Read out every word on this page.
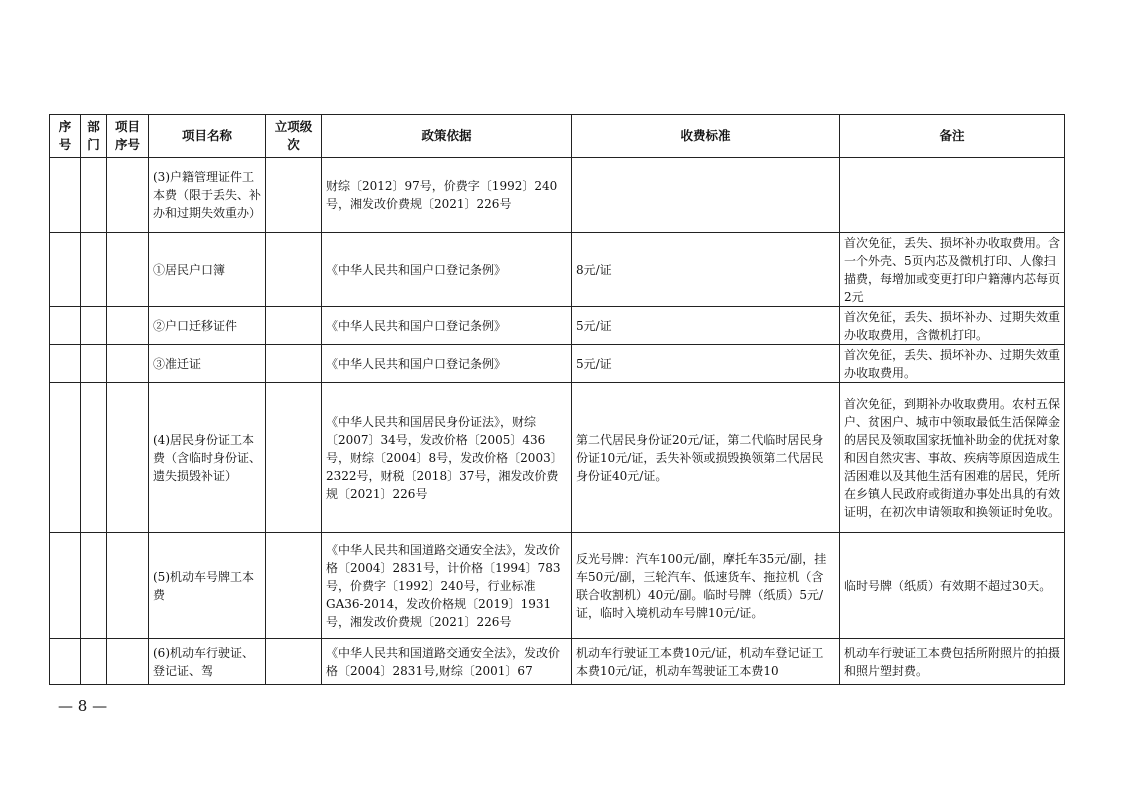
序号	部门	项目序号	项目名称	立项级次	政策依据	收费标准	备注
			(3)户籍管理证件工本费（限于丢失、补办和过期失效重办）		财综〔2012〕97号，价费字〔1992〕240号，湘发改价费规〔2021〕226号		
			①居民户口簿		《中华人民共和国户口登记条例》	8元/证	首次免征，丢失、损坏补办收取费用。含一个外壳、5页内芯及微机打印、人像扫描费，每增加或变更打印户籍薄内芯每页2元
			②户口迁移证件		《中华人民共和国户口登记条例》	5元/证	首次免征，丢失、损坏补办、过期失效重办收取费用，含微机打印。
			③准迁证		《中华人民共和国户口登记条例》	5元/证	首次免征，丢失、损坏补办、过期失效重办收取费用。
			(4)居民身份证工本费（含临时身份证、遗失损毁补证）		《中华人民共和国居民身份证法》，财综〔2007〕34号，发改价格〔2005〕436号，财综〔2004〕8号，发改价格〔2003〕2322号，财税〔2018〕37号，湘发改价费规〔2021〕226号	第二代居民身份证20元/证，第二代临时居民身份证10元/证，丢失补领或损毁换领第二代居民身份证40元/证。	首次免征，到期补办收取费用。农村五保户、贫困户、城市中领取最低生活保障金的居民及领取国家抚恤补助金的优抚对象和因自然灾害、事故、疾病等原因造成生活困难以及其他生活有困难的居民，凭所在乡镇人民政府或街道办事处出具的有效证明，在初次申请领取和换领证时免收。
			(5)机动车号牌工本费		《中华人民共和国道路交通安全法》，发改价格〔2004〕2831号，计价格〔1994〕783号，价费字〔1992〕240号，行业标准GA36-2014，发改价格规〔2019〕1931号，湘发改价费规〔2021〕226号	反光号牌：汽车100元/副，摩托车35元/副，挂车50元/副，三轮汽车、低速货车、拖拉机（含联合收割机）40元/副。临时号牌（纸质）5元/证，临时入境机动车号牌10元/证。	临时号牌（纸质）有效期不超过30天。
			(6)机动车行驶证、登记证、驾		《中华人民共和国道路交通安全法》，发改价格〔2004〕2831号,财综〔2001〕67	机动车行驶证工本费10元/证，机动车登记证工本费10元/证，机动车驾驶证工本费10	机动车行驶证工本费包括所附照片的拍摄和照片塑封费。
— 8 —
